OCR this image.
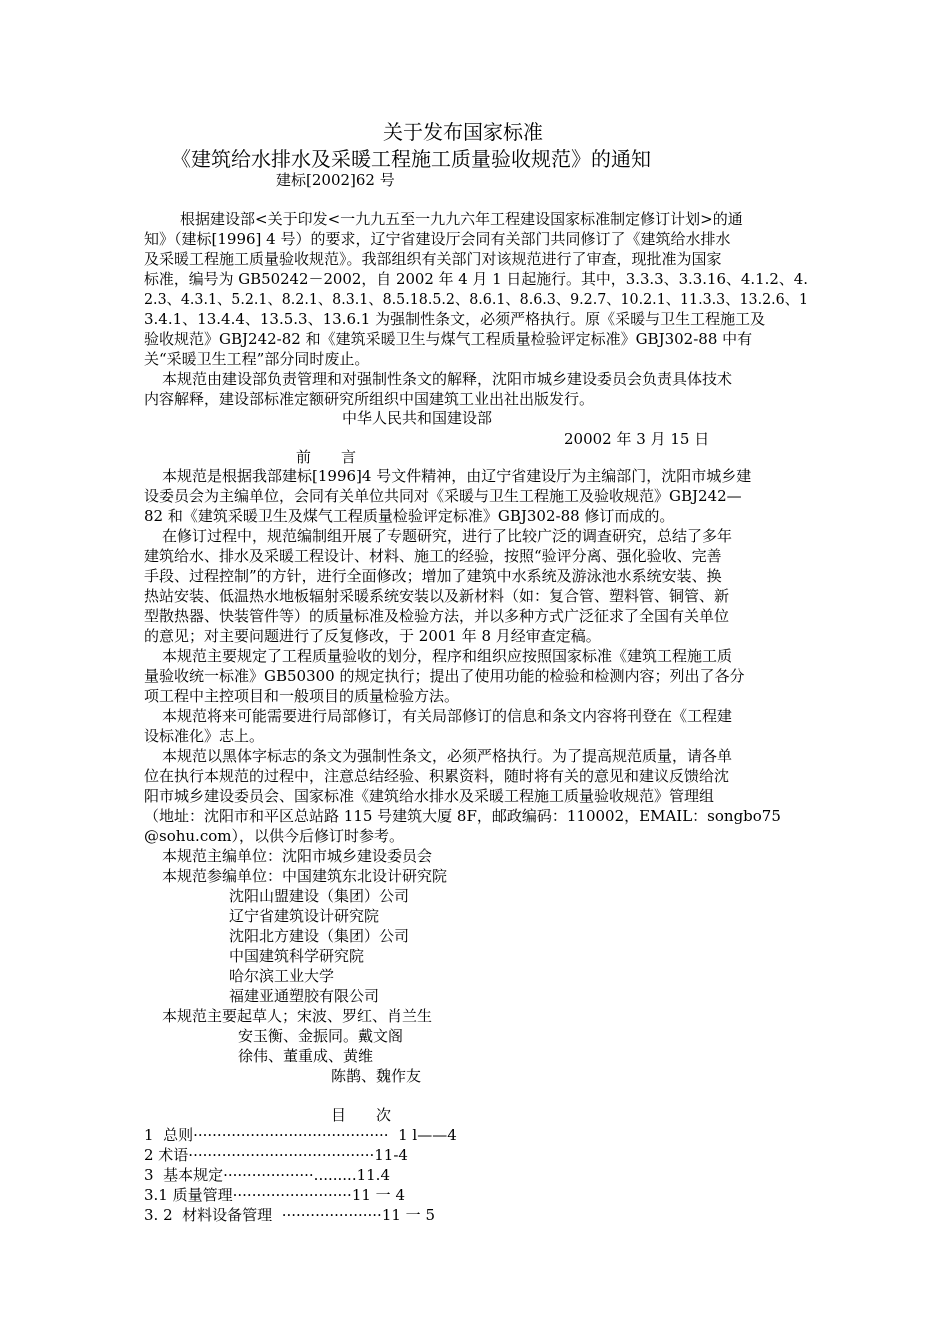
关于发布国家标准
《建筑给水排水及采暖工程施工质量验收规范》的通知
建标[2002]62 号
根据建设部<关于印发<一九九五至一九九六年工程建设国家标准制定修订计划>的通
知》（建标[1996] 4 号）的要求，辽宁省建设厅会同有关部门共同修订了《建筑给水排水
及采暖工程施工质量验收规范》。我部组织有关部门对该规范进行了审查，现批准为国家
标准，编号为 GB50242－2002，自 2002 年 4 月 1 日起施行。其中，3.3.3、3.3.16、4.1.2、4.
2.3、4.3.1、5.2.1、8.2.1、8.3.1、8.5.18.5.2、8.6.1、8.6.3、9.2.7、10.2.1、11.3.3、13.2.6、1
3.4.1、13.4.4、13.5.3、13.6.1 为强制性条文，必须严格执行。原《采暖与卫生工程施工及
验收规范》GBJ242-82 和《建筑采暖卫生与煤气工程质量检验评定标准》GBJ302-88 中有
关“采暖卫生工程”部分同时废止。
本规范由建设部负责管理和对强制性条文的解释，沈阳市城乡建设委员会负责具体技术
内容解释，建设部标准定额研究所组织中国建筑工业出社出版发行。
中华人民共和国建设部
20002 年 3 月 15 日
前　　言
本规范是根据我部建标[1996]4 号文件精神，由辽宁省建设厅为主编部门，沈阳市城乡建
设委员会为主编单位，会同有关单位共同对《采暖与卫生工程施工及验收规范》GBJ242—
82 和《建筑采暖卫生及煤气工程质量检验评定标准》GBJ302-88 修订而成的。
在修订过程中，规范编制组开展了专题研究，进行了比较广泛的调查研究，总结了多年
建筑给水、排水及采暖工程设计、材料、施工的经验，按照“验评分离、强化验收、完善
手段、过程控制”的方针，进行全面修改；增加了建筑中水系统及游泳池水系统安装、换
热站安装、低温热水地板辐射采暖系统安装以及新材料（如：复合管、塑料管、铜管、新
型散热器、快装管件等）的质量标准及检验方法，并以多种方式广泛征求了全国有关单位
的意见；对主要问题进行了反复修改，于 2001 年 8 月经审查定稿。
本规范主要规定了工程质量验收的划分，程序和组织应按照国家标准《建筑工程施工质
量验收统一标准》GB50300 的规定执行；提出了使用功能的检验和检测内容；列出了各分
项工程中主控项目和一般项目的质量检验方法。
本规范将来可能需要进行局部修订，有关局部修订的信息和条文内容将刊登在《工程建
设标准化》志上。
本规范以黑体字标志的条文为强制性条文，必须严格执行。为了提高规范质量，请各单
位在执行本规范的过程中，注意总结经验、积累资料，随时将有关的意见和建议反馈给沈
阳市城乡建设委员会、国家标准《建筑给水排水及采暖工程施工质量验收规范》管理组
（地址：沈阳市和平区总站路 115 号建筑大厦 8F，邮政编码：110002，EMAIL：songbo75
@sohu.com），以供今后修订时参考。
本规范主编单位：沈阳市城乡建设委员会
本规范参编单位：中国建筑东北设计研究院
沈阳山盟建设（集团）公司
辽宁省建筑设计研究院
沈阳北方建设（集团）公司
中国建筑科学研究院
哈尔滨工业大学
福建亚通塑胶有限公司
本规范主要起草人；宋波、罗红、肖兰生
安玉衡、金振同。戴文阁
徐伟、董重成、黄维
陈鹊、魏作友
目　　次
1  总则·········································  1 l——4
2 术语·······································11-4
3  基本规定···················.........11.4
3.1 质量管理·························11 一 4
3. 2  材料设备管理  ·····················11 一 5
